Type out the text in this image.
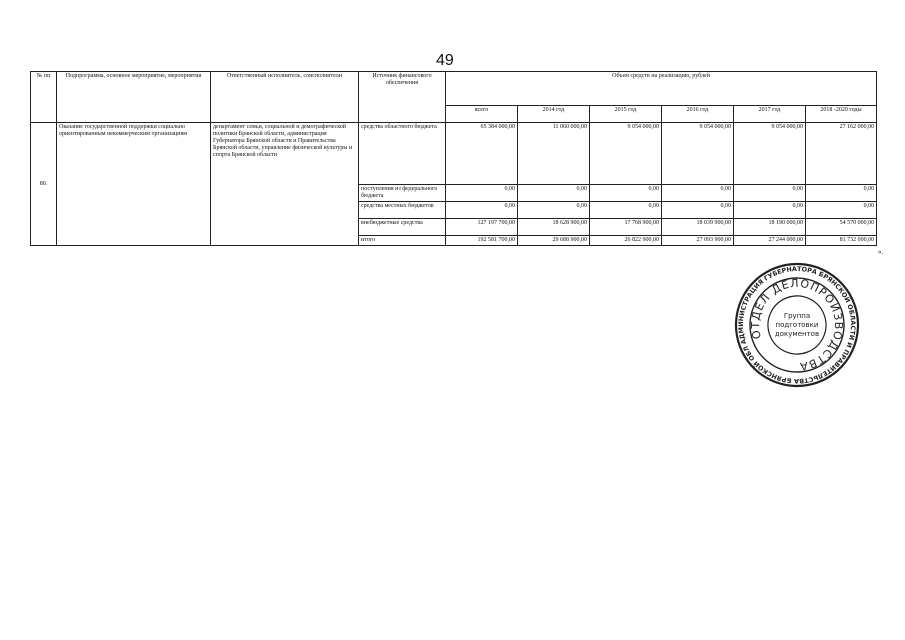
49
№ пп	Подпрограмма, основное мероприятие, мероприятия	Ответственный исполнитель, соисполнители	Источник финансового обеспечения	Объем средств на реализацию, рублей					
				всего	2014 год	2015 год	2016 год	2017 год	2018 -2020 годы
80.	Оказание государственной поддержки социально ориентированным некоммерческим организациям	департамент семьи, социальной и демографической политики Брянской области, администрация Губернатора Брянской области и Правительства Брянской области, управление физической культуры и спорта Брянской области	средства областного бюджета	65 384 000,00	11 060 000,00	9 054 000,00	9 054 000,00	9 054 000,00	27 162 000,00
			поступления из федерального бюджета	0,00	0,00	0,00	0,00	0,00	0,00
			средства местных бюджетов	0,00	0,00	0,00	0,00	0,00	0,00
			внебюджетные средства	127 197 700,00	18 628 900,00	17 768 900,00	18 039 900,00	18 190 000,00	54 570 000,00
			итого	192 581 700,00	29 688 900,00	26 822 900,00	27 093 900,00	27 244 000,00	81 732 000,00
».
АДМИНИСТРАЦИЯ ГУБЕРНАТОРА БРЯНСКОЙ ОБЛАСТИ И ПРАВИТЕЛЬСТВА БРЯНСКОЙ ОБЛАСТИ
ОТДЕЛ ДЕЛОПРОИЗВОДСТВА
Группа
подготовки
документов
